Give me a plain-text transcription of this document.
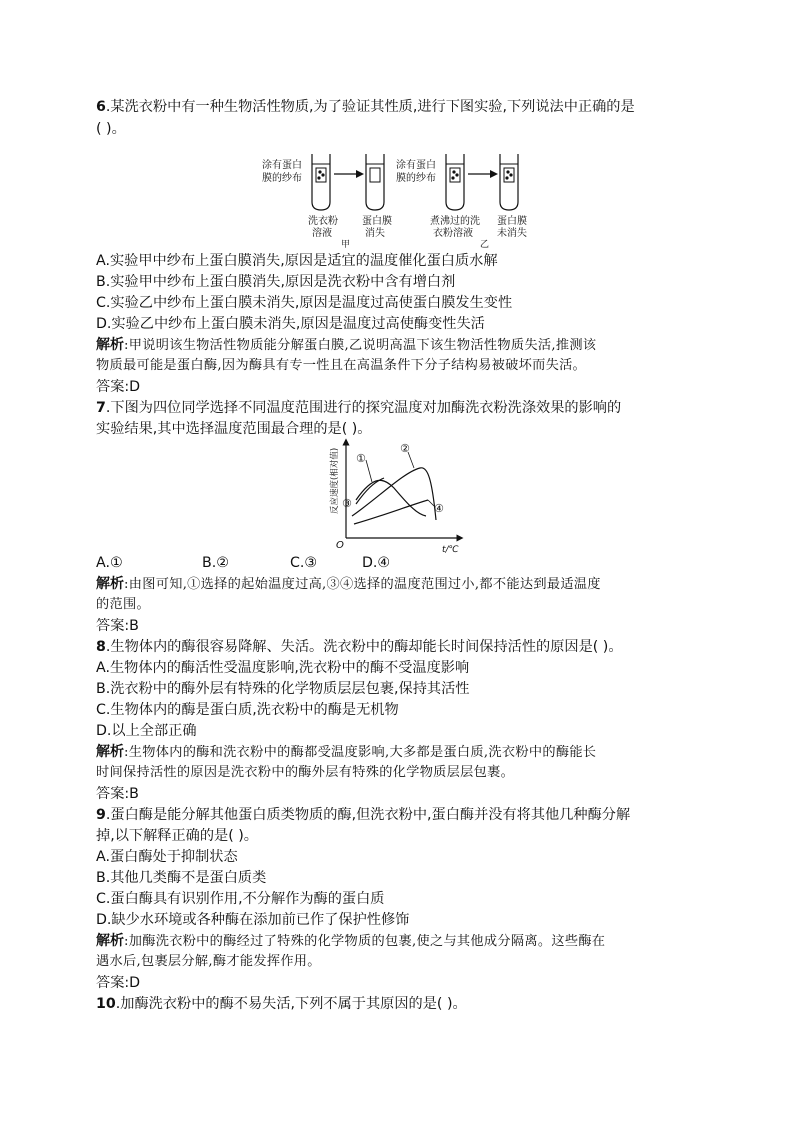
6.某洗衣粉中有一种生物活性物质,为了验证其性质,进行下图实验,下列说法中正确的是
( )。
涂有蛋白
膜的纱布
涂有蛋白
膜的纱布
洗衣粉
溶液
蛋白膜
消失
煮沸过的洗
衣粉溶液
蛋白膜
未消失
甲	乙
A.实验甲中纱布上蛋白膜消失,原因是适宜的温度催化蛋白质水解
B.实验甲中纱布上蛋白膜消失,原因是洗衣粉中含有增白剂
C.实验乙中纱布上蛋白膜未消失,原因是温度过高使蛋白膜发生变性
D.实验乙中纱布上蛋白膜未消失,原因是温度过高使酶变性失活
解析:甲说明该生物活性物质能分解蛋白膜,乙说明高温下该生物活性物质失活,推测该
物质最可能是蛋白酶,因为酶具有专一性且在高温条件下分子结构易被破坏而失活。
答案:D
7.下图为四位同学选择不同温度范围进行的探究温度对加酶洗衣粉洗涤效果的影响的
实验结果,其中选择温度范围最合理的是( )。
反应速度(相对值)
O	t/℃
①
②
③	④
A.①	B.②	C.③	D.④
解析:由图可知,①选择的起始温度过高,③④选择的温度范围过小,都不能达到最适温度
的范围。
答案:B
8.生物体内的酶很容易降解、失活。洗衣粉中的酶却能长时间保持活性的原因是( )。
A.生物体内的酶活性受温度影响,洗衣粉中的酶不受温度影响
B.洗衣粉中的酶外层有特殊的化学物质层层包裹,保持其活性
C.生物体内的酶是蛋白质,洗衣粉中的酶是无机物
D.以上全部正确
解析:生物体内的酶和洗衣粉中的酶都受温度影响,大多都是蛋白质,洗衣粉中的酶能长
时间保持活性的原因是洗衣粉中的酶外层有特殊的化学物质层层包裹。
答案:B
9.蛋白酶是能分解其他蛋白质类物质的酶,但洗衣粉中,蛋白酶并没有将其他几种酶分解
掉,以下解释正确的是( )。
A.蛋白酶处于抑制状态
B.其他几类酶不是蛋白质类
C.蛋白酶具有识别作用,不分解作为酶的蛋白质
D.缺少水环境或各种酶在添加前已作了保护性修饰
解析:加酶洗衣粉中的酶经过了特殊的化学物质的包裹,使之与其他成分隔离。这些酶在
遇水后,包裹层分解,酶才能发挥作用。
答案:D
10.加酶洗衣粉中的酶不易失活,下列不属于其原因的是( )。
